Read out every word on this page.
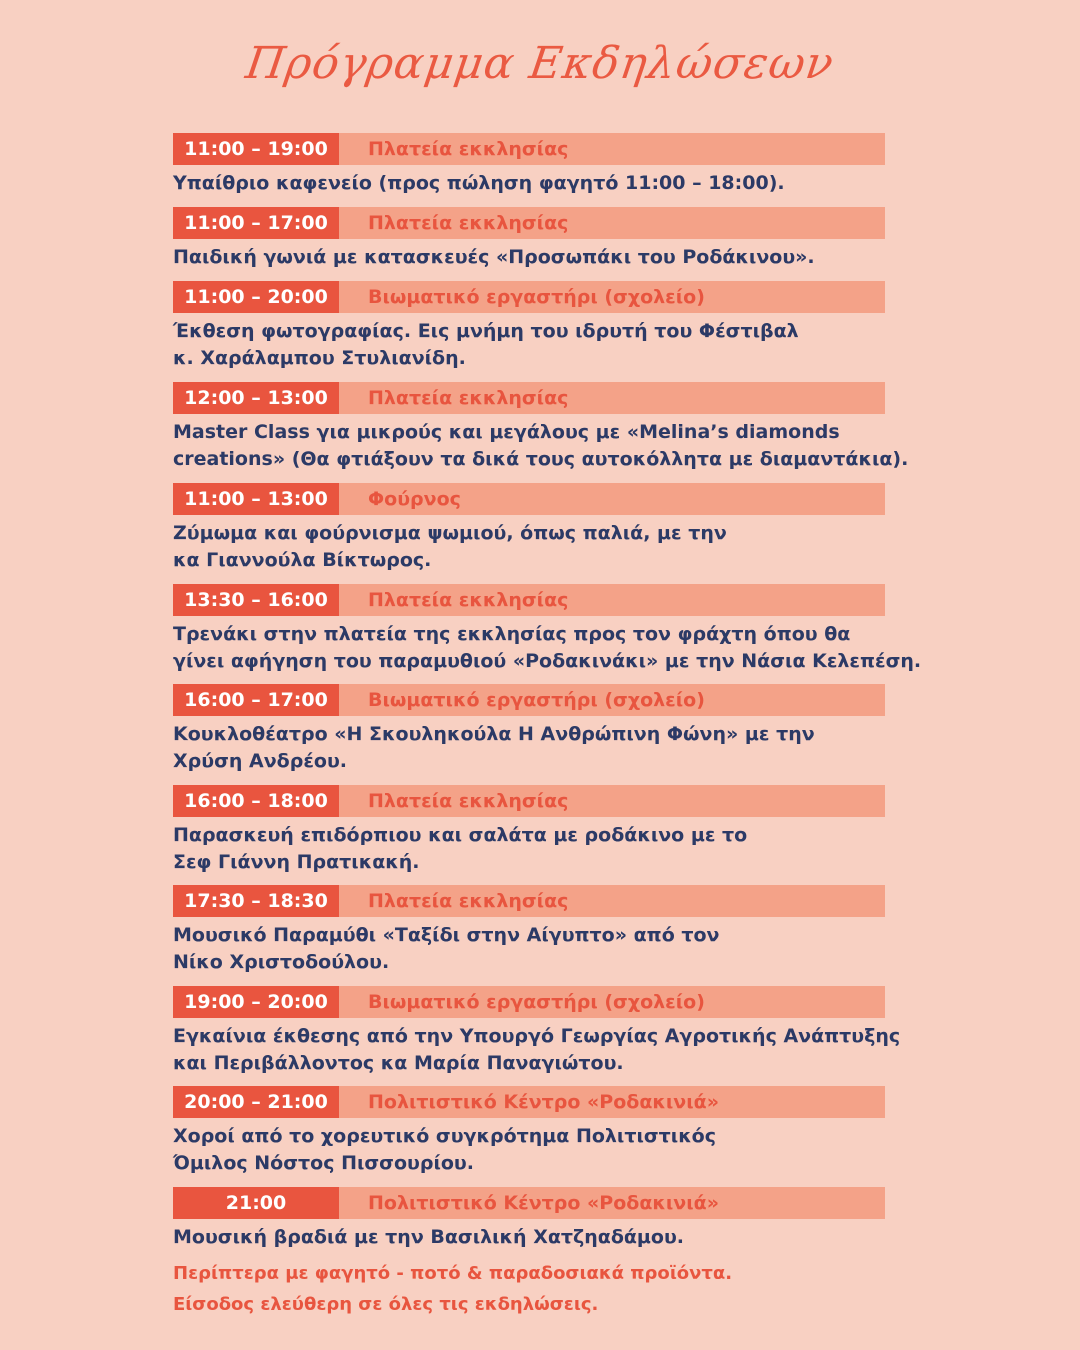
Πρόγραμμα Εκδηλώσεων
11:00 – 19:00	Πλατεία εκκλησίας
Υπαίθριο καφενείο (προς πώληση φαγητό 11:00 – 18:00).
11:00 – 17:00	Πλατεία εκκλησίας
Παιδική γωνιά με κατασκευές «Προσωπάκι του Ροδάκινου».
11:00 – 20:00	Βιωματικό εργαστήρι (σχολείο)
Έκθεση φωτογραφίας. Εις μνήμη του ιδρυτή του Φέστιβαλ
κ. Χαράλαμπου Στυλιανίδη.
12:00 – 13:00	Πλατεία εκκλησίας
Master Class για μικρούς και μεγάλους με «Melina’s diamonds
creations» (Θα φτιάξουν τα δικά τους αυτοκόλλητα με διαμαντάκια).
11:00 – 13:00	Φούρνος
Ζύμωμα και φούρνισμα ψωμιού, όπως παλιά, με την
κα Γιαννούλα Βίκτωρος.
13:30 – 16:00	Πλατεία εκκλησίας
Τρενάκι στην πλατεία της εκκλησίας προς τον φράχτη όπου θα
γίνει αφήγηση του παραμυθιού «Ροδακινάκι» με την Νάσια Κελεπέση.
16:00 – 17:00	Βιωματικό εργαστήρι (σχολείο)
Κουκλοθέατρο «Η Σκουληκούλα Η Ανθρώπινη Φώνη» με την
Χρύση Ανδρέου.
16:00 – 18:00	Πλατεία εκκλησίας
Παρασκευή επιδόρπιου και σαλάτα με ροδάκινο με το
Σεφ Γιάννη Πρατικακή.
17:30 – 18:30	Πλατεία εκκλησίας
Μουσικό Παραμύθι «Ταξίδι στην Αίγυπτο» από τον
Νίκο Χριστοδούλου.
19:00 – 20:00	Βιωματικό εργαστήρι (σχολείο)
Εγκαίνια έκθεσης από την Υπουργό Γεωργίας Αγροτικής Ανάπτυξης
και Περιβάλλοντος κα Μαρία Παναγιώτου.
20:00 – 21:00	Πολιτιστικό Κέντρο «Ροδακινιά»
Χοροί από το χορευτικό συγκρότημα Πολιτιστικός
Όμιλος Νόστος Πισσουρίου.
21:00	Πολιτιστικό Κέντρο «Ροδακινιά»
Μουσική βραδιά με την Βασιλική Χατζηαδάμου.
Περίπτερα με φαγητό - ποτό & παραδοσιακά προϊόντα.
Είσοδος ελεύθερη σε όλες τις εκδηλώσεις.
